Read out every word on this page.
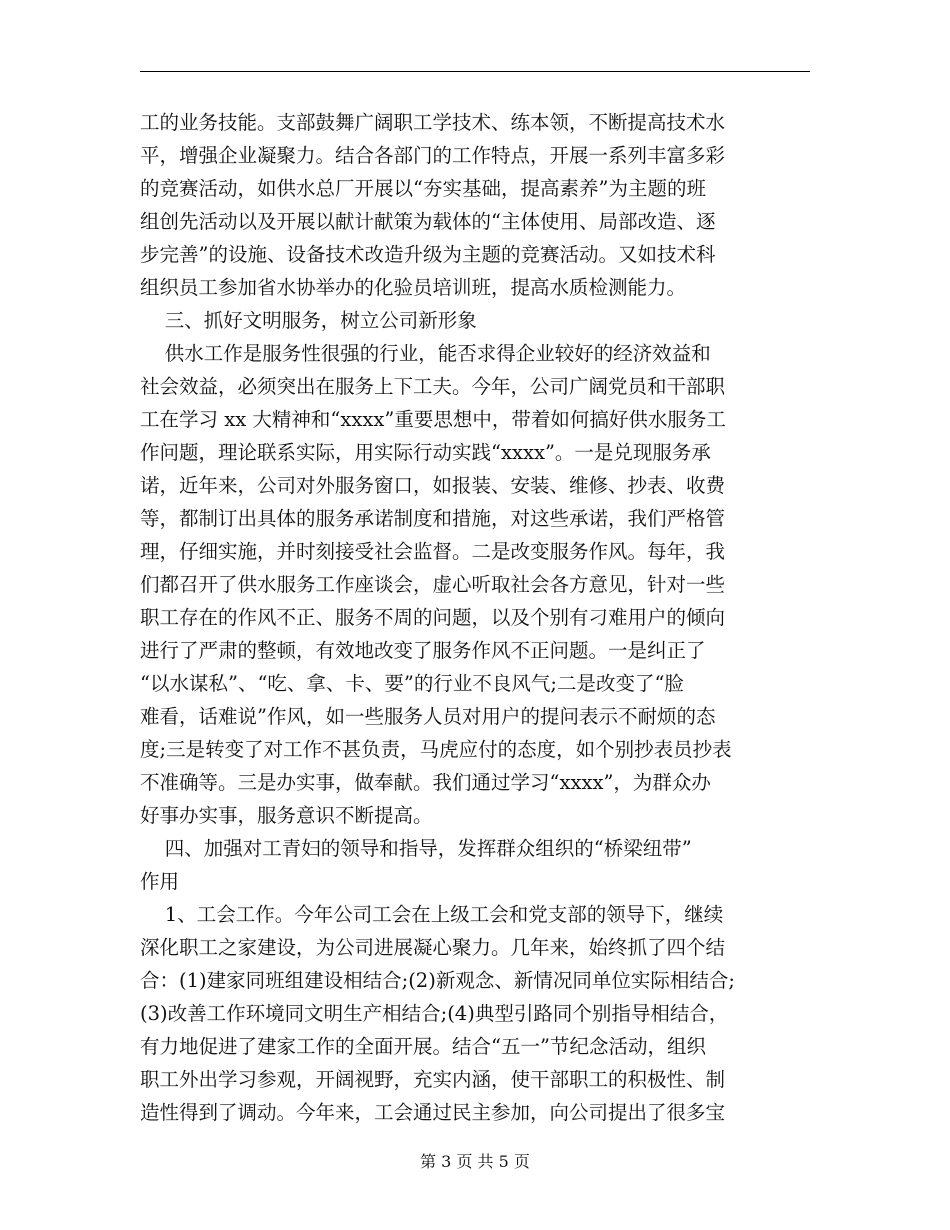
工的业务技能。支部鼓舞广阔职工学技术、练本领，不断提高技术水
平，增强企业凝聚力。结合各部门的工作特点，开展一系列丰富多彩
的竞赛活动，如供水总厂开展以“夯实基础，提高素养”为主题的班
组创先活动以及开展以献计献策为载体的“主体使用、局部改造、逐
步完善”的设施、设备技术改造升级为主题的竞赛活动。又如技术科
组织员工参加省水协举办的化验员培训班，提高水质检测能力。
三、抓好文明服务，树立公司新形象
供水工作是服务性很强的行业，能否求得企业较好的经济效益和
社会效益，必须突出在服务上下工夫。今年，公司广阔党员和干部职
工在学习 xx 大精神和“xxxx”重要思想中，带着如何搞好供水服务工
作问题，理论联系实际，用实际行动实践“xxxx”。一是兑现服务承
诺，近年来，公司对外服务窗口，如报装、安装、维修、抄表、收费
等，都制订出具体的服务承诺制度和措施，对这些承诺，我们严格管
理，仔细实施，并时刻接受社会监督。二是改变服务作风。每年，我
们都召开了供水服务工作座谈会，虚心听取社会各方意见，针对一些
职工存在的作风不正、服务不周的问题，以及个别有刁难用户的倾向
进行了严肃的整顿，有效地改变了服务作风不正问题。一是纠正了
“以水谋私”、“吃、拿、卡、要”的行业不良风气;二是改变了“脸
难看，话难说”作风，如一些服务人员对用户的提问表示不耐烦的态
度;三是转变了对工作不甚负责，马虎应付的态度，如个别抄表员抄表
不准确等。三是办实事，做奉献。我们通过学习“xxxx”，为群众办
好事办实事，服务意识不断提高。
四、加强对工青妇的领导和指导，发挥群众组织的“桥梁纽带”
作用
1、工会工作。今年公司工会在上级工会和党支部的领导下，继续
深化职工之家建设，为公司进展凝心聚力。几年来，始终抓了四个结
合：(1)建家同班组建设相结合;(2)新观念、新情况同单位实际相结合;
(3)改善工作环境同文明生产相结合;(4)典型引路同个别指导相结合，
有力地促进了建家工作的全面开展。结合“五一”节纪念活动，组织
职工外出学习参观，开阔视野，充实内涵，使干部职工的积极性、制
造性得到了调动。今年来，工会通过民主参加，向公司提出了很多宝
第 3 页 共 5 页
